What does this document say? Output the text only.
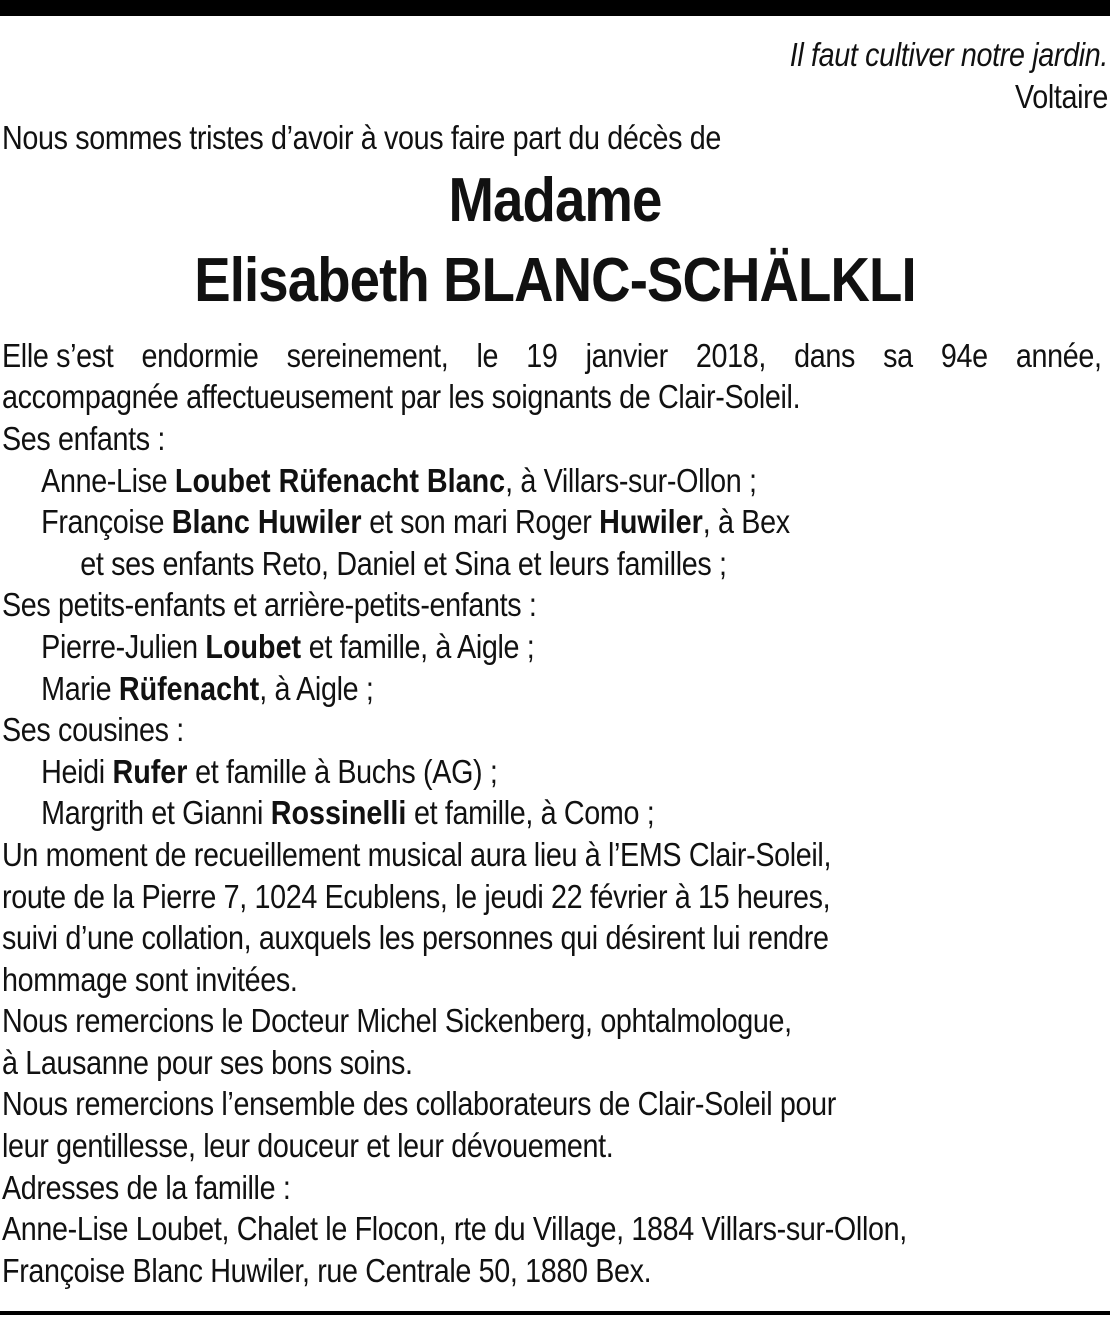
Il faut cultiver notre jardin.
Voltaire
Nous sommes tristes d’avoir à vous faire part du décès de
Madame
Elisabeth BLANC-SCHÄLKLI
Elle s’est endormie sereinement, le 19 janvier 2018, dans sa 94e année,
accompagnée affectueusement par les soignants de Clair-Soleil.
Ses enfants :
Anne-Lise Loubet Rüfenacht Blanc, à Villars-sur-Ollon ;
Françoise Blanc Huwiler et son mari Roger Huwiler, à Bex
et ses enfants Reto, Daniel et Sina et leurs familles ;
Ses petits-enfants et arrière-petits-enfants :
Pierre-Julien Loubet et famille, à Aigle ;
Marie Rüfenacht, à Aigle ;
Ses cousines :
Heidi Rufer et famille à Buchs (AG) ;
Margrith et Gianni Rossinelli et famille, à Como ;
Un moment de recueillement musical aura lieu à l’EMS Clair-Soleil,
route de la Pierre 7, 1024 Ecublens, le jeudi 22 février à 15 heures,
suivi d’une collation, auxquels les personnes qui désirent lui rendre
hommage sont invitées.
Nous remercions le Docteur Michel Sickenberg, ophtalmologue,
à Lausanne pour ses bons soins.
Nous remercions l’ensemble des collaborateurs de Clair-Soleil pour
leur gentillesse, leur douceur et leur dévouement.
Adresses de la famille :
Anne-Lise Loubet, Chalet le Flocon, rte du Village, 1884 Villars-sur-Ollon,
Françoise Blanc Huwiler, rue Centrale 50, 1880 Bex.
